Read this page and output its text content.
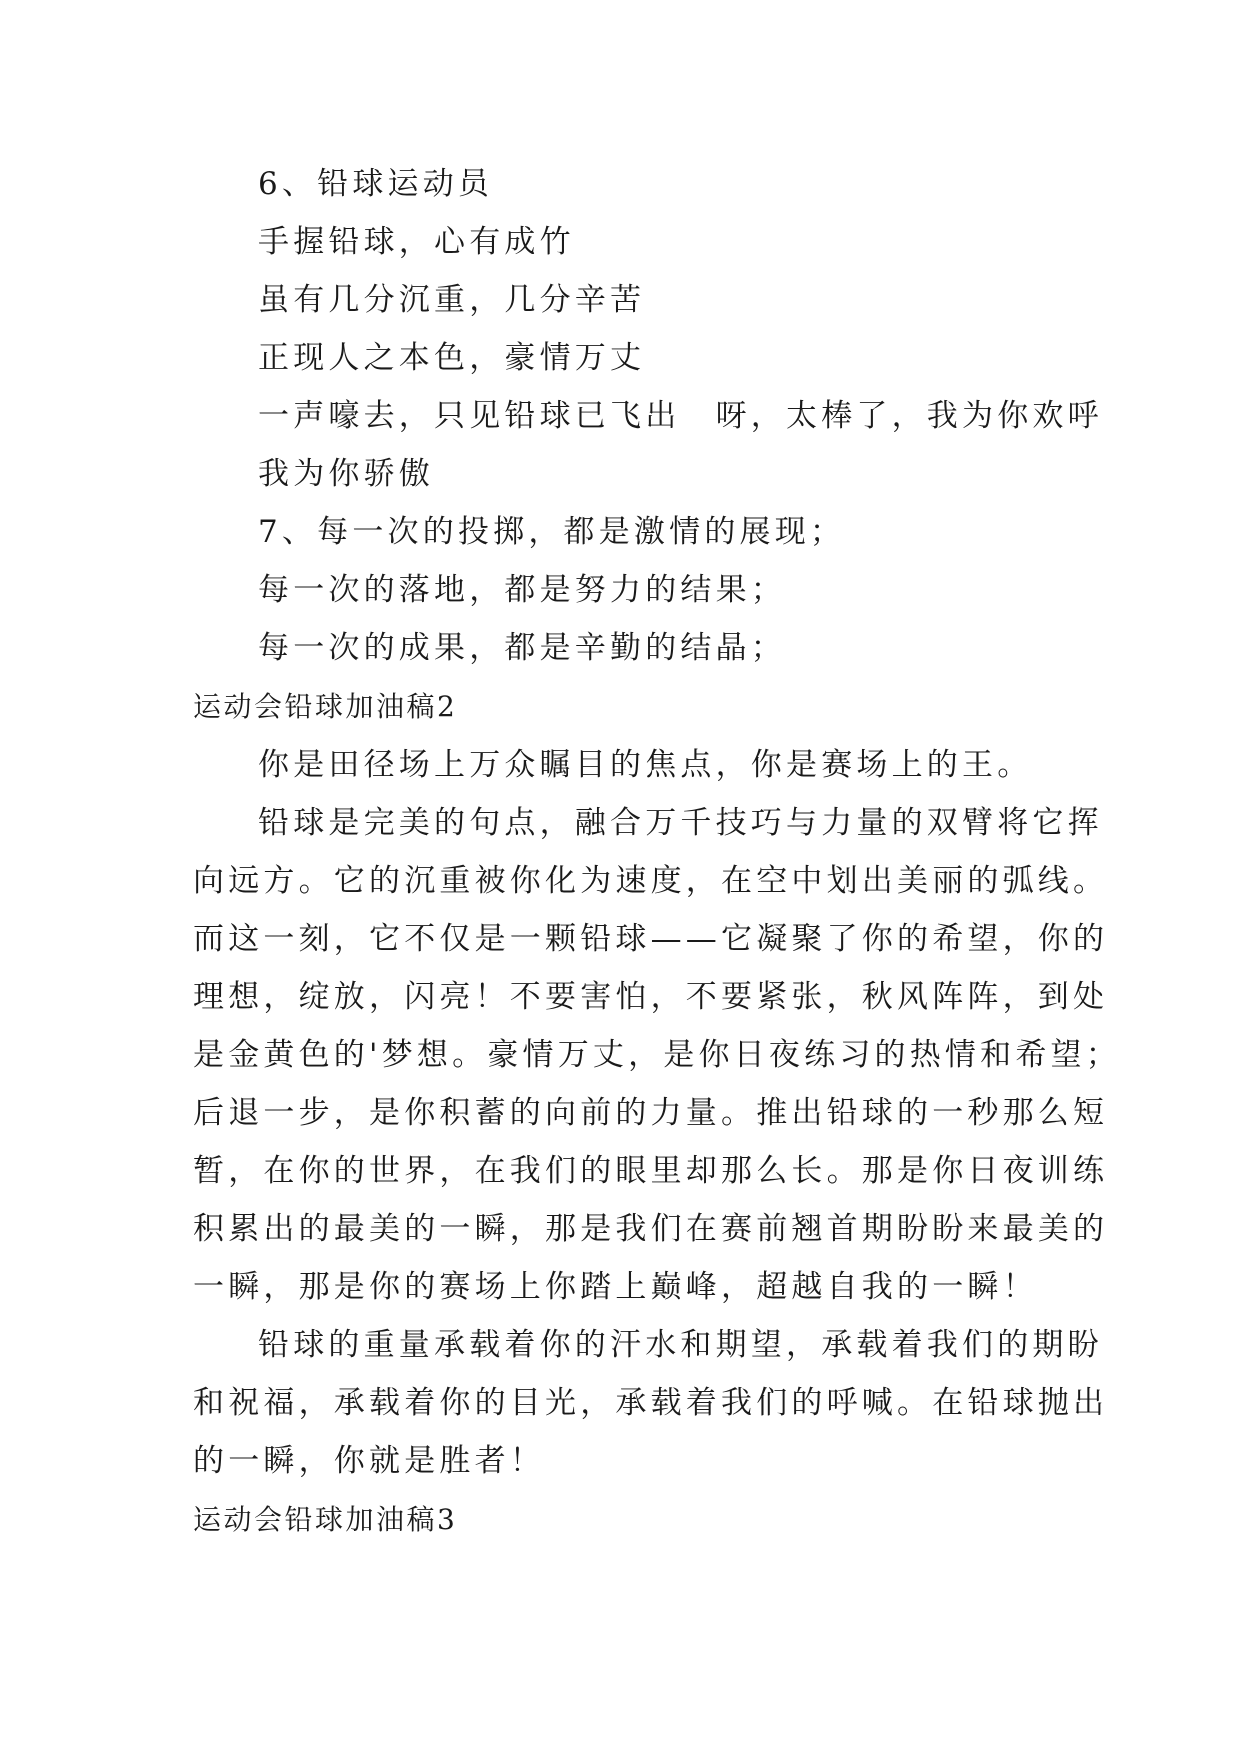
6、铅球运动员
手握铅球，心有成竹
虽有几分沉重，几分辛苦
正现人之本色，豪情万丈
一声嚎去，只见铅球已飞出　呀，太棒了，我为你欢呼
我为你骄傲
7、每一次的投掷，都是激情的展现；
每一次的落地，都是努力的结果；
每一次的成果，都是辛勤的结晶；
运动会铅球加油稿2
你是田径场上万众瞩目的焦点，你是赛场上的王。
铅球是完美的句点，融合万千技巧与力量的双臂将它挥
向远方。它的沉重被你化为速度，在空中划出美丽的弧线。
而这一刻，它不仅是一颗铅球——它凝聚了你的希望，你的
理想，绽放，闪亮！不要害怕，不要紧张，秋风阵阵，到处
是金黄色的'梦想。豪情万丈，是你日夜练习的热情和希望；
后退一步，是你积蓄的向前的力量。推出铅球的一秒那么短
暂，在你的世界，在我们的眼里却那么长。那是你日夜训练
积累出的最美的一瞬，那是我们在赛前翘首期盼盼来最美的
一瞬，那是你的赛场上你踏上巅峰，超越自我的一瞬！
铅球的重量承载着你的汗水和期望，承载着我们的期盼
和祝福，承载着你的目光，承载着我们的呼喊。在铅球抛出
的一瞬，你就是胜者！
运动会铅球加油稿3
